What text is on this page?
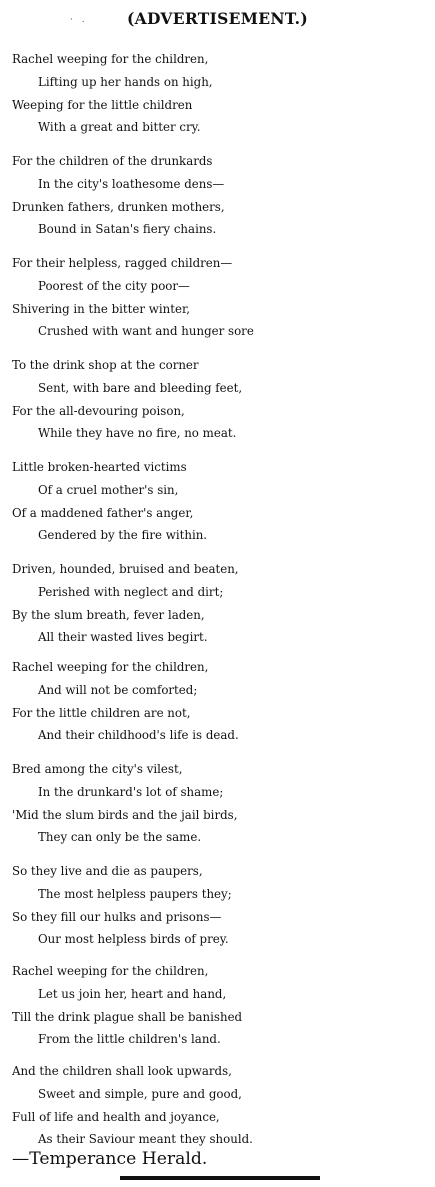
(ADVERTISEMENT.)
· .
Rachel weeping for the children,
Lifting up her hands on high,
Weeping for the little children
With a great and bitter cry.
For the children of the drunkards
In the city's loathesome dens—
Drunken fathers, drunken mothers,
Bound in Satan's fiery chains.
For their helpless, ragged children—
Poorest of the city poor—
Shivering in the bitter winter,
Crushed with want and hunger sore
To the drink shop at the corner
Sent, with bare and bleeding feet,
For the all-devouring poison,
While they have no fire, no meat.
Little broken-hearted victims
Of a cruel mother's sin,
Of a maddened father's anger,
Gendered by the fire within.
Driven, hounded, bruised and beaten,
Perished with neglect and dirt;
By the slum breath, fever laden,
All their wasted lives begirt.
Rachel weeping for the children,
And will not be comforted;
For the little children are not,
And their childhood's life is dead.
Bred among the city's vilest,
In the drunkard's lot of shame;
'Mid the slum birds and the jail birds,
They can only be the same.
So they live and die as paupers,
The most helpless paupers they;
So they fill our hulks and prisons—
Our most helpless birds of prey.
Rachel weeping for the children,
Let us join her, heart and hand,
Till the drink plague shall be banished
From the little children's land.
And the children shall look upwards,
Sweet and simple, pure and good,
Full of life and health and joyance,
As their Saviour meant they should.
—Temperance Herald.
